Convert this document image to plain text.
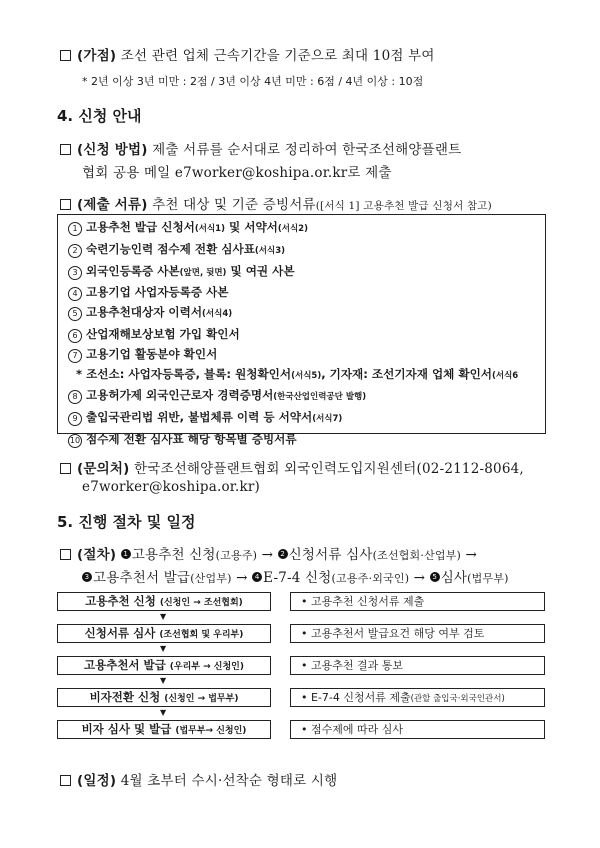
(가점) 조선 관련 업체 근속기간을 기준으로 최대 10점 부여
* 2년 이상 3년 미만 : 2점 / 3년 이상 4년 미만 : 6점 / 4년 이상 : 10점
4. 신청 안내
(신청 방법) 제출 서류를 순서대로 정리하여 한국조선해양플랜트
협회 공용 메일 e7worker@koshipa.or.kr로 제출
(제출 서류) 추천 대상 및 기준 증빙서류([서식 1] 고용추천 발급 신청서 참고)
1 고용추천 발급 신청서(서식1) 및 서약서(서식2)
2 숙련기능인력 점수제 전환 심사표(서식3)
3 외국인등록증 사본(앞면, 뒷면) 및 여권 사본
4 고용기업 사업자등록증 사본
5 고용추천대상자 이력서(서식4)
6 산업재해보상보험 가입 확인서
7 고용기업 활동분야 확인서
* 조선소: 사업자등록증, 블록: 원청확인서(서식5), 기자재: 조선기자재 업체 확인서(서식6
8 고용허가제 외국인근로자 경력증명서(한국산업인력공단 발행)
9 출입국관리법 위반, 불법체류 이력 등 서약서(서식7)
10 점수제 전환 심사표 해당 항목별 증빙서류
(문의처) 한국조선해양플랜트협회 외국인력도입지원센터(02-2112-8064,
e7worker@koshipa.or.kr)
5. 진행 절차 및 일정
(절차) 1 고용추천 신청(고용주) → 2 신청서류 심사(조선협회·산업부) →
3 고용추천서 발급(산업부) → 4 E-7-4 신청(고용주·외국인) → 5 심사(법무부)
고용추천 신청 (신청인 → 조선협회)	• 고용추천 신청서류 제출
▼
신청서류 심사 (조선협회 및 우리부)	• 고용추천서 발급요건 해당 여부 검토
▼
고용추천서 발급 (우리부 → 신청인)	• 고용추천 결과 통보
▼
비자전환 신청 (신청인 → 법무부)	• E-7-4 신청서류 제출(관할 출입국·외국인관서)
▼
비자 심사 및 발급 (법무부→ 신청인)	• 점수제에 따라 심사
(일정) 4월 초부터 수시·선착순 형태로 시행
